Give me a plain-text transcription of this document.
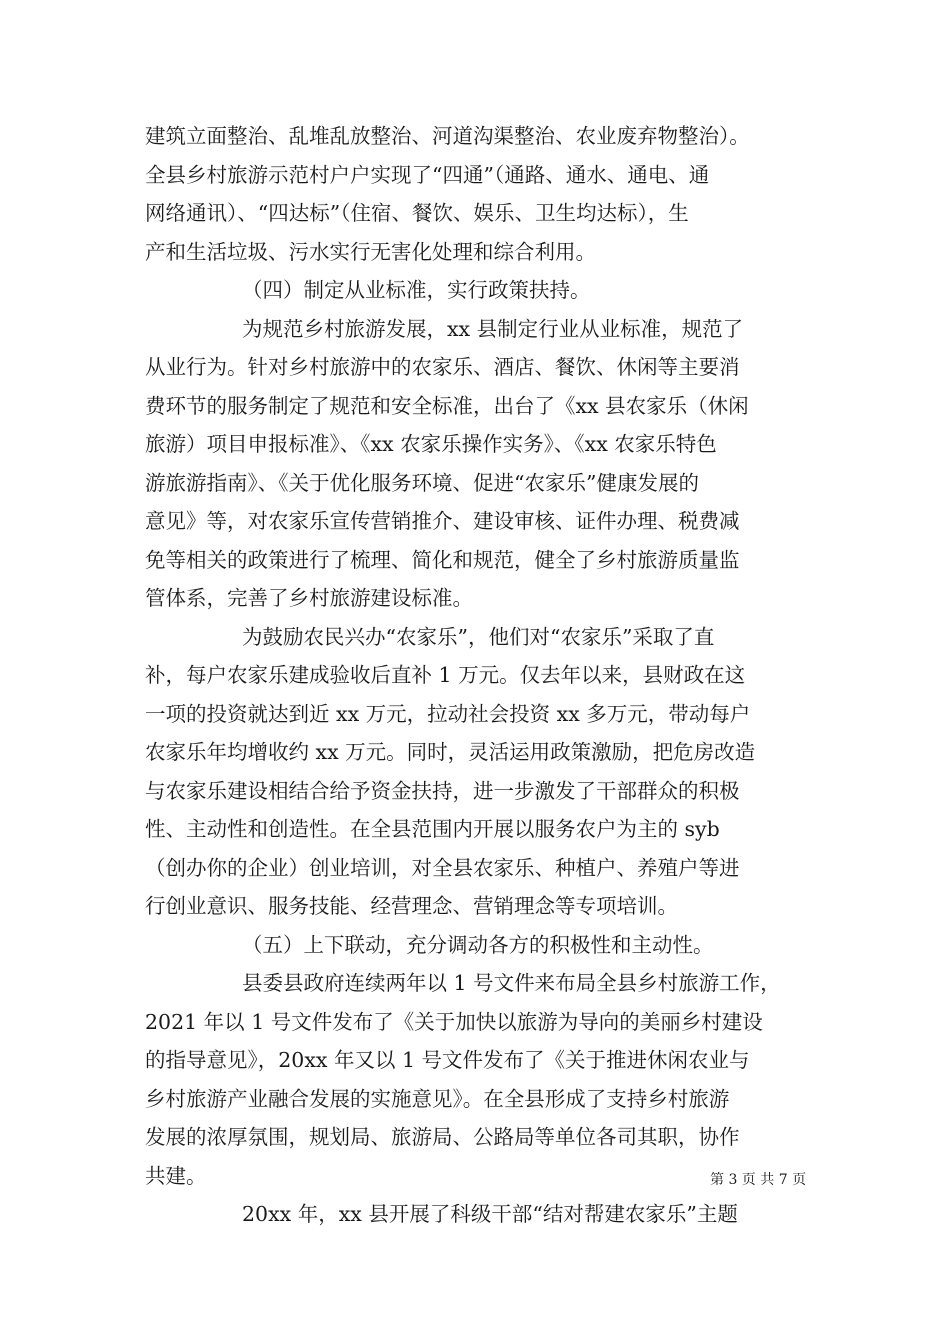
建筑立面整治、乱堆乱放整治、河道沟渠整治、农业废弃物整治）。
全县乡村旅游示范村户户实现了“四通”（通路、通水、通电、通
网络通讯）、“四达标”（住宿、餐饮、娱乐、卫生均达标），生
产和生活垃圾、污水实行无害化处理和综合利用。
（四）制定从业标准，实行政策扶持。
为规范乡村旅游发展，xx 县制定行业从业标准，规范了
从业行为。针对乡村旅游中的农家乐、酒店、餐饮、休闲等主要消
费环节的服务制定了规范和安全标准，出台了《xx 县农家乐（休闲
旅游）项目申报标准》、《xx 农家乐操作实务》、《xx 农家乐特色
游旅游指南》、《关于优化服务环境、促进“农家乐”健康发展的
意见》等，对农家乐宣传营销推介、建设审核、证件办理、税费减
免等相关的政策进行了梳理、简化和规范，健全了乡村旅游质量监
管体系，完善了乡村旅游建设标准。
为鼓励农民兴办“农家乐”，他们对“农家乐”采取了直
补，每户农家乐建成验收后直补 1 万元。仅去年以来，县财政在这
一项的投资就达到近 xx 万元，拉动社会投资 xx 多万元，带动每户
农家乐年均增收约 xx 万元。同时，灵活运用政策激励，把危房改造
与农家乐建设相结合给予资金扶持，进一步激发了干部群众的积极
性、主动性和创造性。在全县范围内开展以服务农户为主的 syb
（创办你的企业）创业培训，对全县农家乐、种植户、养殖户等进
行创业意识、服务技能、经营理念、营销理念等专项培训。
（五）上下联动，充分调动各方的积极性和主动性。
县委县政府连续两年以 1 号文件来布局全县乡村旅游工作，
2021 年以 1 号文件发布了《关于加快以旅游为导向的美丽乡村建设
的指导意见》，20xx 年又以 1 号文件发布了《关于推进休闲农业与
乡村旅游产业融合发展的实施意见》。在全县形成了支持乡村旅游
发展的浓厚氛围，规划局、旅游局、公路局等单位各司其职，协作
共建。
20xx 年，xx 县开展了科级干部“结对帮建农家乐”主题
第 3 页 共 7 页
